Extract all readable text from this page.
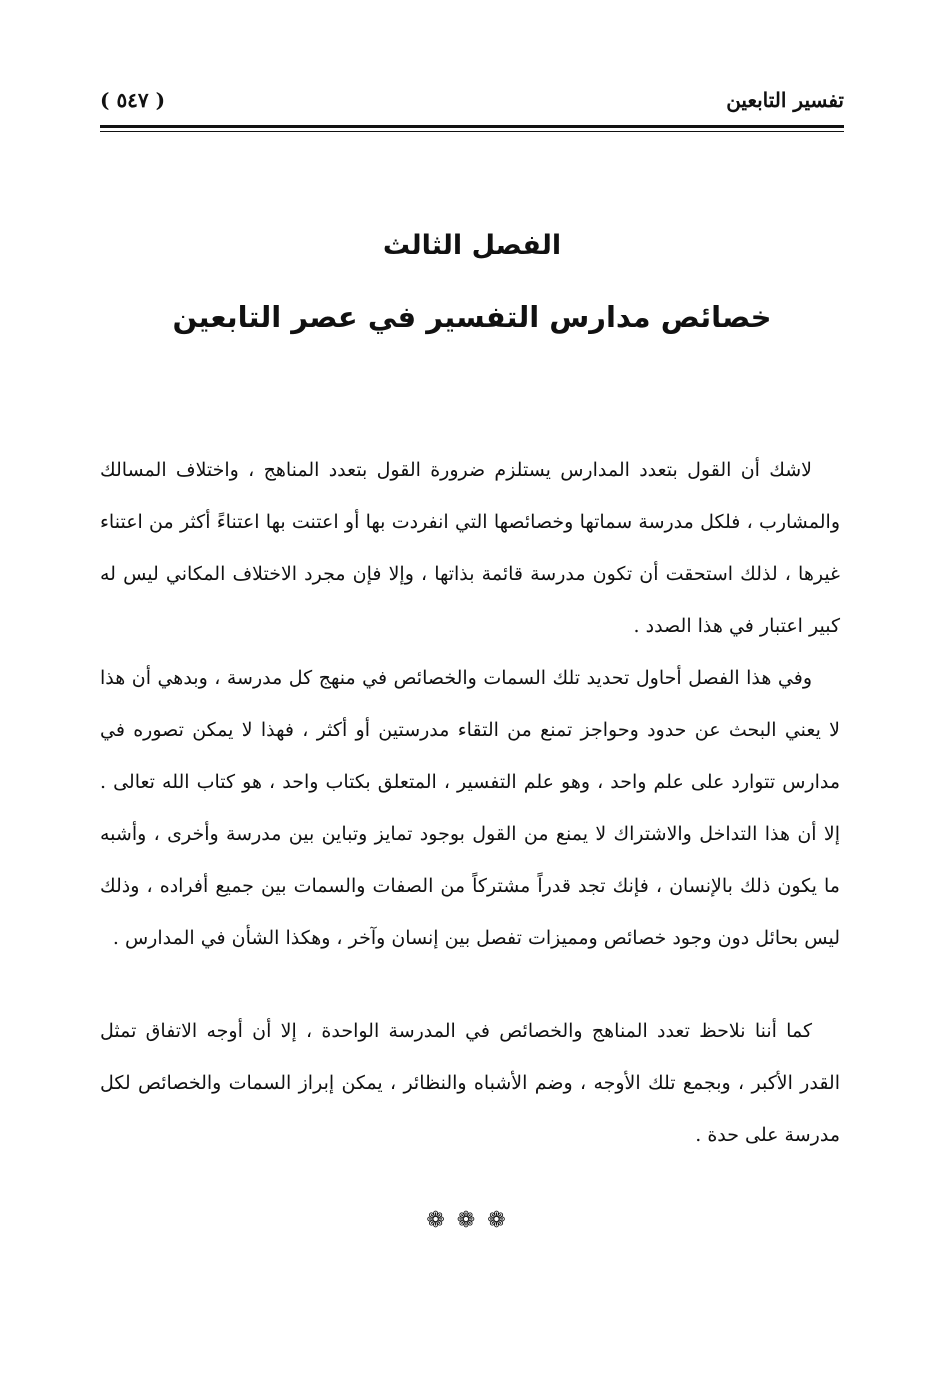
تفسير التابعين
( ٥٤٧ )
الفصل الثالث
خصائص مدارس التفسير في عصر التابعين

لاشك أن القول بتعدد المدارس يستلزم ضرورة القول بتعدد المناهج ، واختلاف المسالك والمشارب ، فلكل مدرسة سماتها وخصائصها التي انفردت بها أو اعتنت بها اعتناءً أكثر من اعتناء غيرها ، لذلك استحقت أن تكون مدرسة قائمة بذاتها ، وإلا فإن مجرد الاختلاف المكاني ليس له كبير اعتبار في هذا الصدد .

وفي هذا الفصل أحاول تحديد تلك السمات والخصائص في منهج كل مدرسة ، وبدهي أن هذا لا يعني البحث عن حدود وحواجز تمنع من التقاء مدرستين أو أكثر ، فهذا لا يمكن تصوره في مدارس تتوارد على علم واحد ، وهو علم التفسير ، المتعلق بكتاب واحد ، هو كتاب الله تعالى . إلا أن هذا التداخل والاشتراك لا يمنع من القول بوجود تمايز وتباين بين مدرسة وأخرى ، وأشبه ما يكون ذلك بالإنسان ، فإنك تجد قدراً مشتركاً من الصفات والسمات بين جميع أفراده ، وذلك ليس بحائل دون وجود خصائص ومميزات تفصل بين إنسان وآخر ، وهكذا الشأن في المدارس .

كما أننا نلاحظ تعدد المناهج والخصائص في المدرسة الواحدة ، إلا أن أوجه الاتفاق تمثل القدر الأكبر ، وبجمع تلك الأوجه ، وضم الأشباه والنظائر ، يمكن إبراز السمات والخصائص لكل مدرسة على حدة .

❁❁❁
